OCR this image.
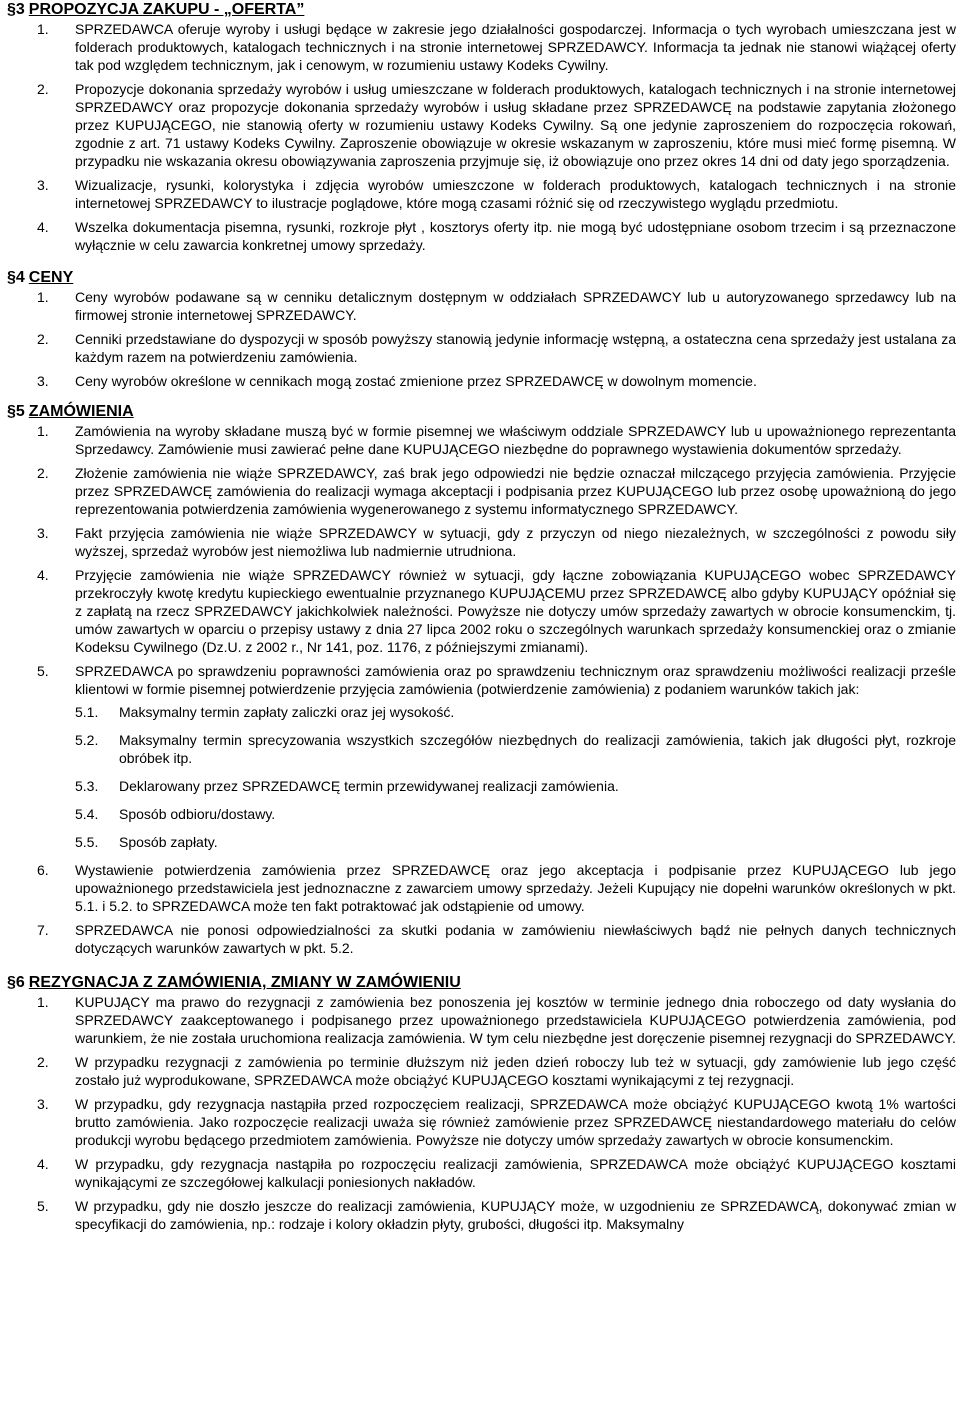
§3 PROPOZYCJA ZAKUPU - „OFERTA”
1. SPRZEDAWCA oferuje wyroby i usługi będące w zakresie jego działalności gospodarczej. Informacja o tych wyrobach umieszczana jest w folderach produktowych, katalogach technicznych i na stronie internetowej SPRZEDAWCY. Informacja ta jednak nie stanowi wiążącej oferty tak pod względem technicznym, jak i cenowym, w rozumieniu ustawy Kodeks Cywilny.
2. Propozycje dokonania sprzedaży wyrobów i usług umieszczane w folderach produktowych, katalogach technicznych i na stronie internetowej SPRZEDAWCY oraz propozycje dokonania sprzedaży wyrobów i usług składane przez SPRZEDAWCĘ na podstawie zapytania złożonego przez KUPUJĄCEGO, nie stanowią oferty w rozumieniu ustawy Kodeks Cywilny. Są one jedynie zaproszeniem do rozpoczęcia rokowań, zgodnie z art. 71 ustawy Kodeks Cywilny. Zaproszenie obowiązuje w okresie wskazanym w zaproszeniu, które musi mieć formę pisemną. W przypadku nie wskazania okresu obowiązywania zaproszenia przyjmuje się, iż obowiązuje ono przez okres 14 dni od daty jego sporządzenia.
3. Wizualizacje, rysunki, kolorystyka i zdjęcia wyrobów umieszczone w folderach produktowych, katalogach technicznych i na stronie internetowej SPRZEDAWCY to ilustracje poglądowe, które mogą czasami różnić się od rzeczywistego wyglądu przedmiotu.
4. Wszelka dokumentacja pisemna, rysunki, rozkroje płyt , kosztorys oferty itp. nie mogą być udostępniane osobom trzecim i są przeznaczone wyłącznie w celu zawarcia konkretnej umowy sprzedaży.
§4 CENY
1. Ceny wyrobów podawane są w cenniku detalicznym dostępnym w oddziałach SPRZEDAWCY lub u autoryzowanego sprzedawcy lub na firmowej stronie internetowej SPRZEDAWCY.
2. Cenniki przedstawiane do dyspozycji w sposób powyższy stanowią jedynie informację wstępną, a ostateczna cena sprzedaży jest ustalana za każdym razem na potwierdzeniu zamówienia.
3. Ceny wyrobów określone w cennikach mogą zostać zmienione przez SPRZEDAWCĘ w dowolnym momencie.
§5 ZAMÓWIENIA
1. Zamówienia na wyroby składane muszą być w formie pisemnej we właściwym oddziale SPRZEDAWCY lub u upoważnionego reprezentanta Sprzedawcy. Zamówienie musi zawierać pełne dane KUPUJĄCEGO niezbędne do poprawnego wystawienia dokumentów sprzedaży.
2. Złożenie zamówienia nie wiąże SPRZEDAWCY, zaś brak jego odpowiedzi nie będzie oznaczał milczącego przyjęcia zamówienia. Przyjęcie przez SPRZEDAWCĘ zamówienia do realizacji wymaga akceptacji i podpisania przez KUPUJĄCEGO lub przez osobę upoważnioną do jego reprezentowania potwierdzenia zamówienia wygenerowanego z systemu informatycznego SPRZEDAWCY.
3. Fakt przyjęcia zamówienia nie wiąże SPRZEDAWCY w sytuacji, gdy z przyczyn od niego niezależnych, w szczególności z powodu siły wyższej, sprzedaż wyrobów jest niemożliwa lub nadmiernie utrudniona.
4. Przyjęcie zamówienia nie wiąże SPRZEDAWCY również w sytuacji, gdy łączne zobowiązania KUPUJĄCEGO wobec SPRZEDAWCY przekroczyły kwotę kredytu kupieckiego ewentualnie przyznanego KUPUJĄCEMU przez SPRZEDAWCĘ albo gdyby KUPUJĄCY opóźniał się z zapłatą na rzecz SPRZEDAWCY jakichkolwiek należności. Powyższe nie dotyczy umów sprzedaży zawartych w obrocie konsumenckim, tj. umów zawartych w oparciu o przepisy ustawy z dnia 27 lipca 2002 roku o szczególnych warunkach sprzedaży konsumenckiej oraz o zmianie Kodeksu Cywilnego (Dz.U. z 2002 r., Nr 141, poz. 1176, z późniejszymi zmianami).
5. SPRZEDAWCA po sprawdzeniu poprawności zamówienia oraz po sprawdzeniu technicznym oraz sprawdzeniu możliwości realizacji prześle klientowi w formie pisemnej potwierdzenie przyjęcia zamówienia (potwierdzenie zamówienia) z podaniem warunków takich jak:
5.1. Maksymalny termin zapłaty zaliczki oraz jej wysokość.
5.2. Maksymalny termin sprecyzowania wszystkich szczegółów niezbędnych do realizacji zamówienia, takich jak długości płyt, rozkroje obróbek itp.
5.3. Deklarowany przez SPRZEDAWCĘ termin przewidywanej realizacji zamówienia.
5.4. Sposób odbioru/dostawy.
5.5. Sposób zapłaty.
6. Wystawienie potwierdzenia zamówienia przez SPRZEDAWCĘ oraz jego akceptacja i podpisanie przez KUPUJĄCEGO lub jego upoważnionego przedstawiciela jest jednoznaczne z zawarciem umowy sprzedaży. Jeżeli Kupujący nie dopełni warunków określonych w pkt. 5.1. i 5.2. to SPRZEDAWCA może ten fakt potraktować jak odstąpienie od umowy.
7. SPRZEDAWCA nie ponosi odpowiedzialności za skutki podania w zamówieniu niewłaściwych bądź nie pełnych danych technicznych dotyczących warunków zawartych w pkt. 5.2.
§6 REZYGNACJA Z ZAMÓWIENIA, ZMIANY W ZAMÓWIENIU
1. KUPUJĄCY ma prawo do rezygnacji z zamówienia bez ponoszenia jej kosztów w terminie jednego dnia roboczego od daty wysłania do SPRZEDAWCY zaakceptowanego i podpisanego przez upoważnionego przedstawiciela KUPUJĄCEGO potwierdzenia zamówienia, pod warunkiem, że nie została uruchomiona realizacja zamówienia. W tym celu niezbędne jest doręczenie pisemnej rezygnacji do SPRZEDAWCY.
2. W przypadku rezygnacji z zamówienia po terminie dłuższym niż jeden dzień roboczy lub też w sytuacji, gdy zamówienie lub jego część zostało już wyprodukowane, SPRZEDAWCA może obciążyć KUPUJĄCEGO kosztami wynikającymi z tej rezygnacji.
3. W przypadku, gdy rezygnacja nastąpiła przed rozpoczęciem realizacji, SPRZEDAWCA może obciążyć KUPUJĄCEGO kwotą 1% wartości brutto zamówienia. Jako rozpoczęcie realizacji uważa się również zamówienie przez SPRZEDAWCĘ niestandardowego materiału do celów produkcji wyrobu będącego przedmiotem zamówienia. Powyższe nie dotyczy umów sprzedaży zawartych w obrocie konsumenckim.
4. W przypadku, gdy rezygnacja nastąpiła po rozpoczęciu realizacji zamówienia, SPRZEDAWCA może obciążyć KUPUJĄCEGO kosztami wynikającymi ze szczegółowej kalkulacji poniesionych nakładów.
5. W przypadku, gdy nie doszło jeszcze do realizacji zamówienia, KUPUJĄCY może, w uzgodnieniu ze SPRZEDAWCĄ, dokonywać zmian w specyfikacji do zamówienia, np.: rodzaje i kolory okładzin płyty, grubości, długości itp. Maksymalny
